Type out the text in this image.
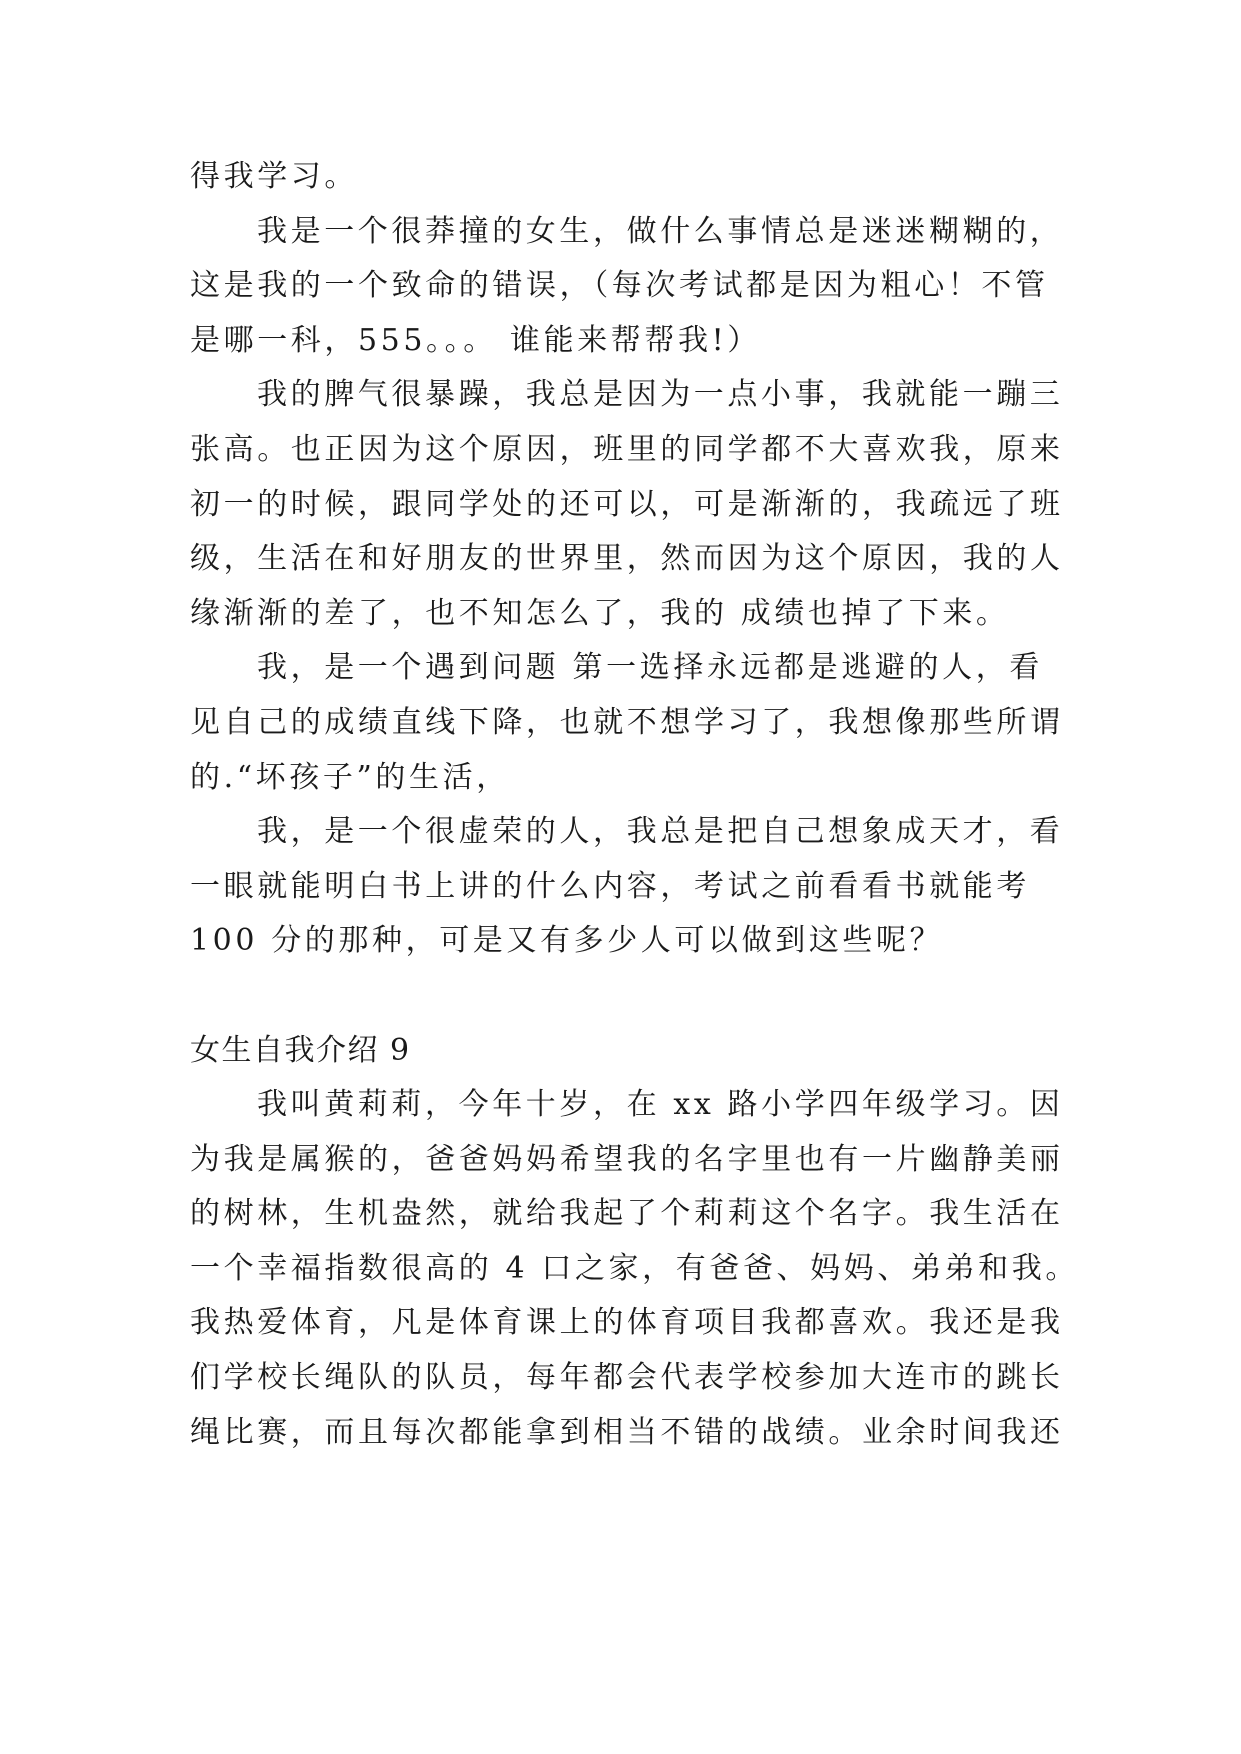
得我学习。
我是一个很莽撞的女生，做什么事情总是迷迷糊糊的，
这是我的一个致命的错误，（每次考试都是因为粗心！不管
是哪一科，555。。。 谁能来帮帮我!）
我的脾气很暴躁，我总是因为一点小事，我就能一蹦三
张高。也正因为这个原因，班里的同学都不大喜欢我，原来
初一的时候，跟同学处的还可以，可是渐渐的，我疏远了班
级，生活在和好朋友的世界里，然而因为这个原因，我的人
缘渐渐的差了，也不知怎么了，我的 成绩也掉了下来。
我，是一个遇到问题 第一选择永远都是逃避的人，看
见自己的成绩直线下降，也就不想学习了，我想像那些所谓
的.“坏孩子”的生活，
我，是一个很虚荣的人，我总是把自己想象成天才，看
一眼就能明白书上讲的什么内容，考试之前看看书就能考
100 分的那种，可是又有多少人可以做到这些呢？
女生自我介绍 9
我叫黄莉莉，今年十岁，在 xx 路小学四年级学习。因
为我是属猴的，爸爸妈妈希望我的名字里也有一片幽静美丽
的树林，生机盎然，就给我起了个莉莉这个名字。我生活在
一个幸福指数很高的 4 口之家，有爸爸、妈妈、弟弟和我。
我热爱体育，凡是体育课上的体育项目我都喜欢。我还是我
们学校长绳队的队员，每年都会代表学校参加大连市的跳长
绳比赛，而且每次都能拿到相当不错的战绩。业余时间我还
